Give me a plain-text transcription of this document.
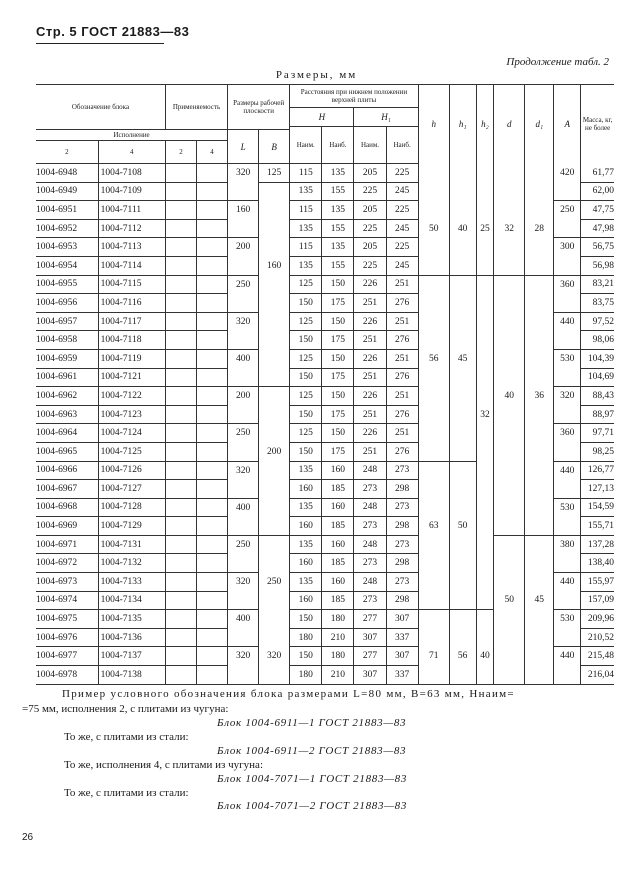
Стр. 5 ГОСТ 21883—83
Продолжение табл. 2
Размеры, мм
Обозначение блока		Применяемость		Размеры рабочей плоскости		Расстояния при нижнем положении верхней плиты				h	h₁	h₂	d	d₁	A	Масса, кг, не более
						H		H₁								
						Наим.	Наиб.	Наим.	Наиб.							
Исполнение				L	B											
2	4	2	4													
1004-6948	1004-7108			320	125	115	135	205	225						420	61,77
1004-6949	1004-7109					135	155	225	245							62,00
1004-6951	1004-7111			160		115	135	205	225						250	47,75
1004-6952	1004-7112					135	155	225	245	50	40	25	32	28		47,98
1004-6953	1004-7113			200		115	135	205	225						300	56,75
1004-6954	1004-7114				160	135	155	225	245							56,98
1004-6955	1004-7115			250		125	150	226	251						360	83,21
1004-6956	1004-7116					150	175	251	276							83,75
1004-6957	1004-7117			320		125	150	226	251						440	97,52
1004-6958	1004-7118					150	175	251	276							98,06
1004-6959	1004-7119			400		125	150	226	251	56	45				530	104,39
1004-6961	1004-7121					150	175	251	276							104,69
1004-6962	1004-7122			200		125	150	226	251				40	36	320	88,43
1004-6963	1004-7123					150	175	251	276			32				88,97
1004-6964	1004-7124			250		125	150	226	251						360	97,71
1004-6965	1004-7125				200	150	175	251	276							98,25
1004-6966	1004-7126			320		135	160	248	273						440	126,77
1004-6967	1004-7127					160	185	273	298							127,13
1004-6968	1004-7128			400		135	160	248	273						530	154,59
1004-6969	1004-7129					160	185	273	298	63	50					155,71
1004-6971	1004-7131			250		135	160	248	273						380	137,28
1004-6972	1004-7132					160	185	273	298							138,40
1004-6973	1004-7133			320	250	135	160	248	273						440	155,97
1004-6974	1004-7134					160	185	273	298				50	45		157,09
1004-6975	1004-7135			400		150	180	277	307						530	209,96
1004-6976	1004-7136					180	210	307	337							210,52
1004-6977	1004-7137			320	320	150	180	277	307	71	56	40			440	215,48
1004-6978	1004-7138					180	210	307	337							216,04
Пример условного обозначения блока размерами L=80 мм, B=63 мм, Hнаим=
=75 мм, исполнения 2, с плитами из чугуна:
Блок 1004-6911—1 ГОСТ 21883—83
То же, с плитами из стали:
Блок 1004-6911—2 ГОСТ 21883—83
То же, исполнения 4, с плитами из чугуна:
Блок 1004-7071—1 ГОСТ 21883—83
То же, с плитами из стали:
Блок 1004-7071—2 ГОСТ 21883—83
26
